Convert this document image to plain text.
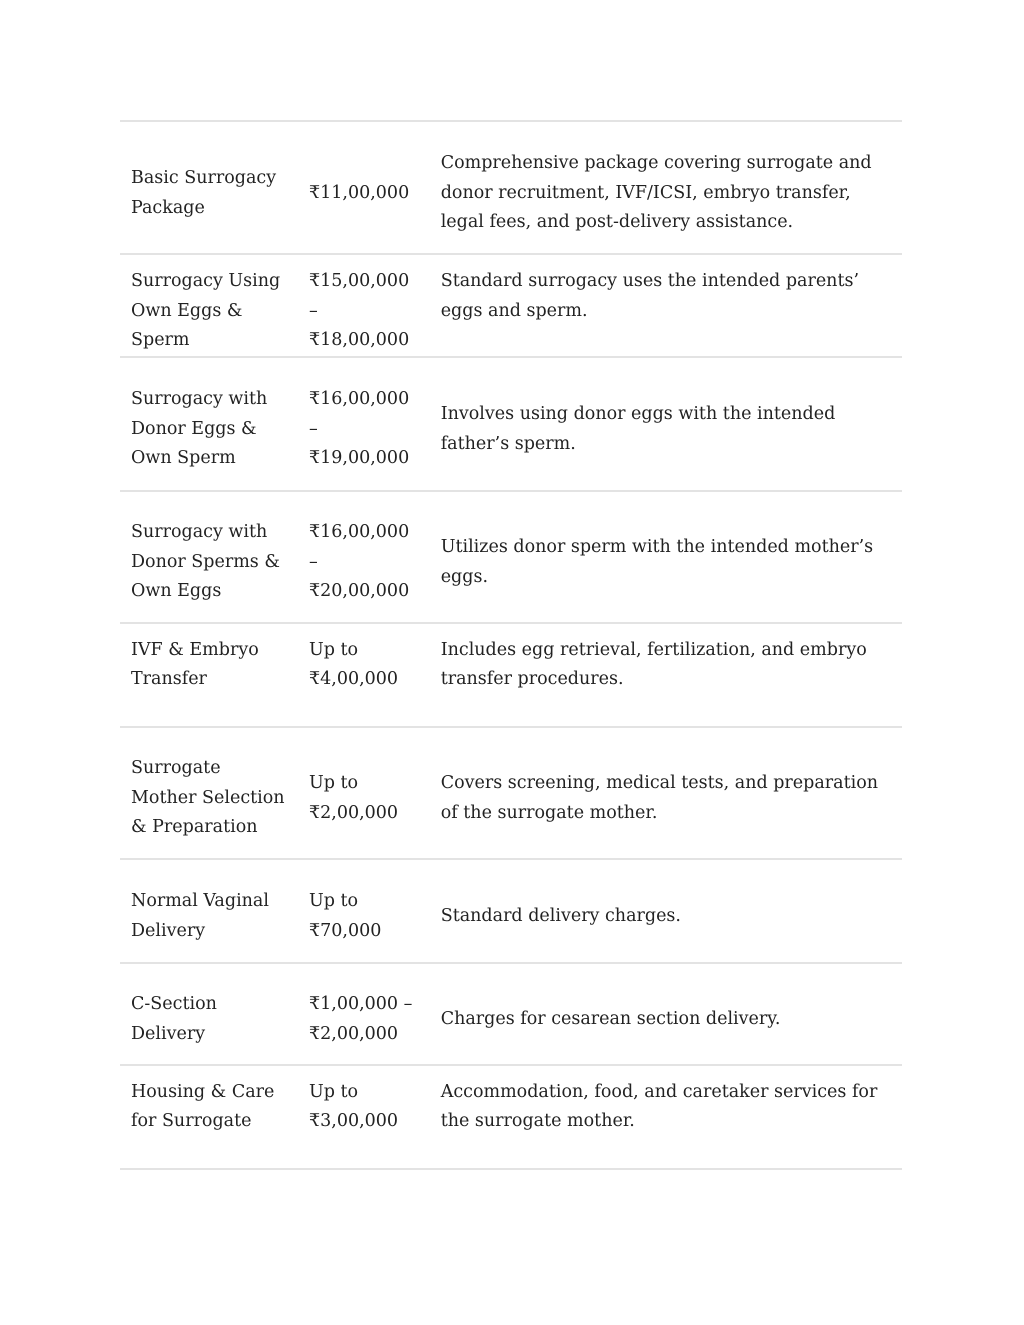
Basic Surrogacy Package	₹11,00,000	Comprehensive package covering surrogate and donor recruitment, IVF/ICSI, embryo transfer, legal fees, and post-delivery assistance.

Surrogacy Using Own Eggs & Sperm	₹15,00,000 – ₹18,00,000	Standard surrogacy uses the intended parents’ eggs and sperm.

Surrogacy with Donor Eggs & Own Sperm	₹16,00,000 – ₹19,00,000	Involves using donor eggs with the intended father’s sperm.

Surrogacy with Donor Sperms & Own Eggs	₹16,00,000 – ₹20,00,000	Utilizes donor sperm with the intended mother’s eggs.

IVF & Embryo Transfer	Up to ₹4,00,000	Includes egg retrieval, fertilization, and embryo transfer procedures.

Surrogate Mother Selection & Preparation	Up to ₹2,00,000	Covers screening, medical tests, and preparation of the surrogate mother.

Normal Vaginal Delivery	Up to ₹70,000	Standard delivery charges.

C-Section Delivery	₹1,00,000 – ₹2,00,000	Charges for cesarean section delivery.

Housing & Care for Surrogate	Up to ₹3,00,000	Accommodation, food, and caretaker services for the surrogate mother.
